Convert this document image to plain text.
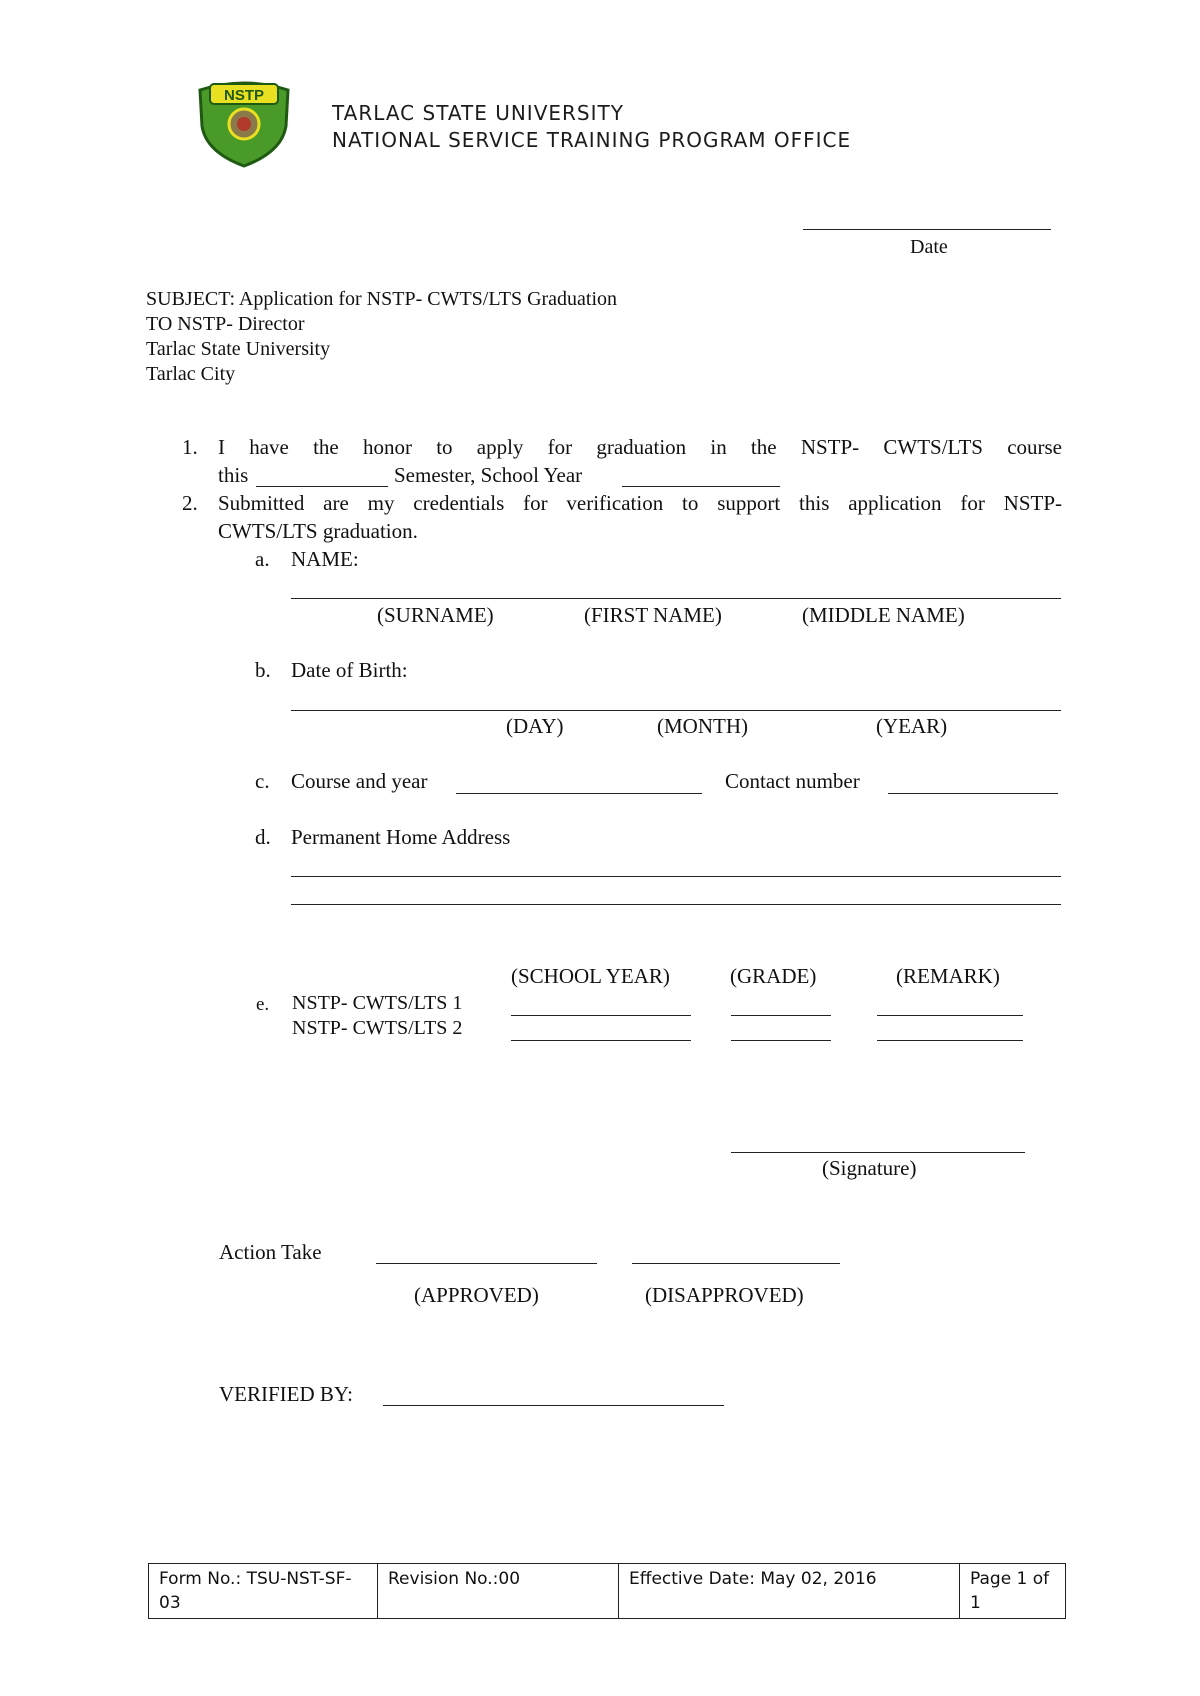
NSTP
TARLAC STATE UNIVERSITY
NATIONAL SERVICE TRAINING PROGRAM OFFICE
Date
SUBJECT: Application for NSTP- CWTS/LTS Graduation
TO NSTP- Director
Tarlac State University
Tarlac City
1. I have the honor to apply for graduation in the NSTP- CWTS/LTS course
this	Semester, School Year
2. Submitted are my credentials for verification to support this application for NSTP-
CWTS/LTS graduation.
a. NAME:
(SURNAME)	(FIRST NAME)	(MIDDLE NAME)
b. Date of Birth:
(DAY)	(MONTH)	(YEAR)
c. Course and year	Contact number
d. Permanent Home Address
(SCHOOL YEAR)	(GRADE)	(REMARK)
e. NSTP- CWTS/LTS 1
NSTP- CWTS/LTS 2
(Signature)
Action Take
(APPROVED)	(DISAPPROVED)
VERIFIED BY:
Form No.: TSU-NST-SF-03	Revision No.:00	Effective Date: May 02, 2016	Page 1 of 1
